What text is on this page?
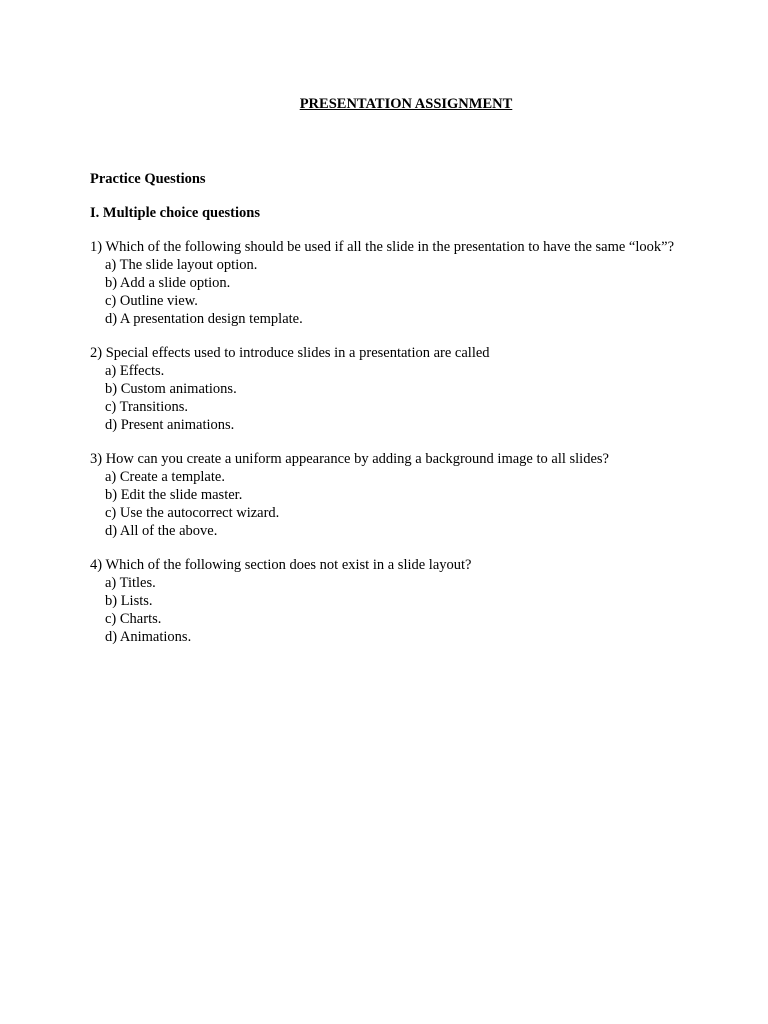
PRESENTATION ASSIGNMENT

Practice Questions

I. Multiple choice questions

1) Which of the following should be used if all the slide in the presentation to have the same “look”?

a) The slide layout option.
b) Add a slide option.
c) Outline view.
d) A presentation design template.

2) Special effects used to introduce slides in a presentation are called

a) Effects.
b) Custom animations.
c) Transitions.
d) Present animations.

3) How can you create a uniform appearance by adding a background image to all slides?

a) Create a template.
b) Edit the slide master.
c) Use the autocorrect wizard.
d) All of the above.

4) Which of the following section does not exist in a slide layout?

a) Titles.
b) Lists.
c) Charts.
d) Animations.
